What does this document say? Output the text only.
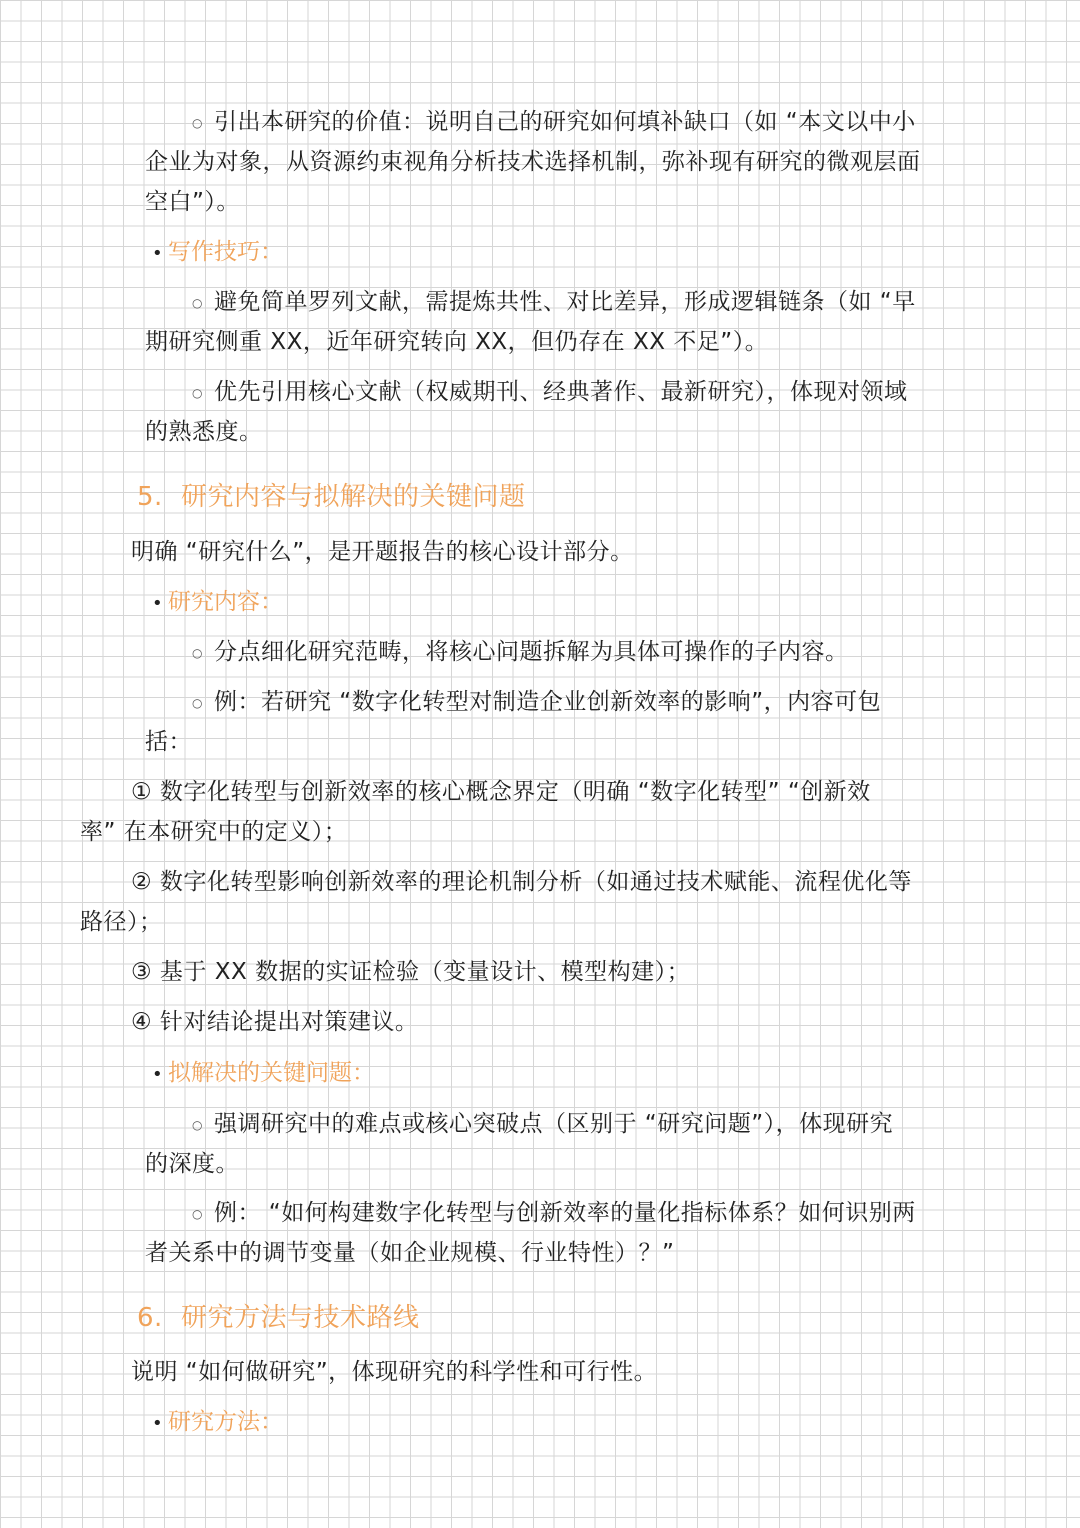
○ 引出本研究的价值：说明自己的研究如何填补缺口（如 “本文以中小
企业为对象，从资源约束视角分析技术选择机制，弥补现有研究的微观层面
空白”）。
• 写作技巧：
○ 避免简单罗列文献，需提炼共性、对比差异，形成逻辑链条（如 “早
期研究侧重 XX，近年研究转向 XX，但仍存在 XX 不足”）。
○ 优先引用核心文献（权威期刊、经典著作、最新研究），体现对领域
的熟悉度。
5. 研究内容与拟解决的关键问题
明确 “研究什么”，是开题报告的核心设计部分。
• 研究内容：
○ 分点细化研究范畴，将核心问题拆解为具体可操作的子内容。
○ 例：若研究 “数字化转型对制造企业创新效率的影响”，内容可包
括：
① 数字化转型与创新效率的核心概念界定（明确 “数字化转型” “创新效
率” 在本研究中的定义）；
② 数字化转型影响创新效率的理论机制分析（如通过技术赋能、流程优化等
路径）；
③ 基于 XX 数据的实证检验（变量设计、模型构建）；
④ 针对结论提出对策建议。
• 拟解决的关键问题：
○ 强调研究中的难点或核心突破点（区别于 “研究问题”），体现研究
的深度。
○ 例： “如何构建数字化转型与创新效率的量化指标体系？如何识别两
者关系中的调节变量（如企业规模、行业特性）？”
6. 研究方法与技术路线
说明 “如何做研究”，体现研究的科学性和可行性。
• 研究方法：
